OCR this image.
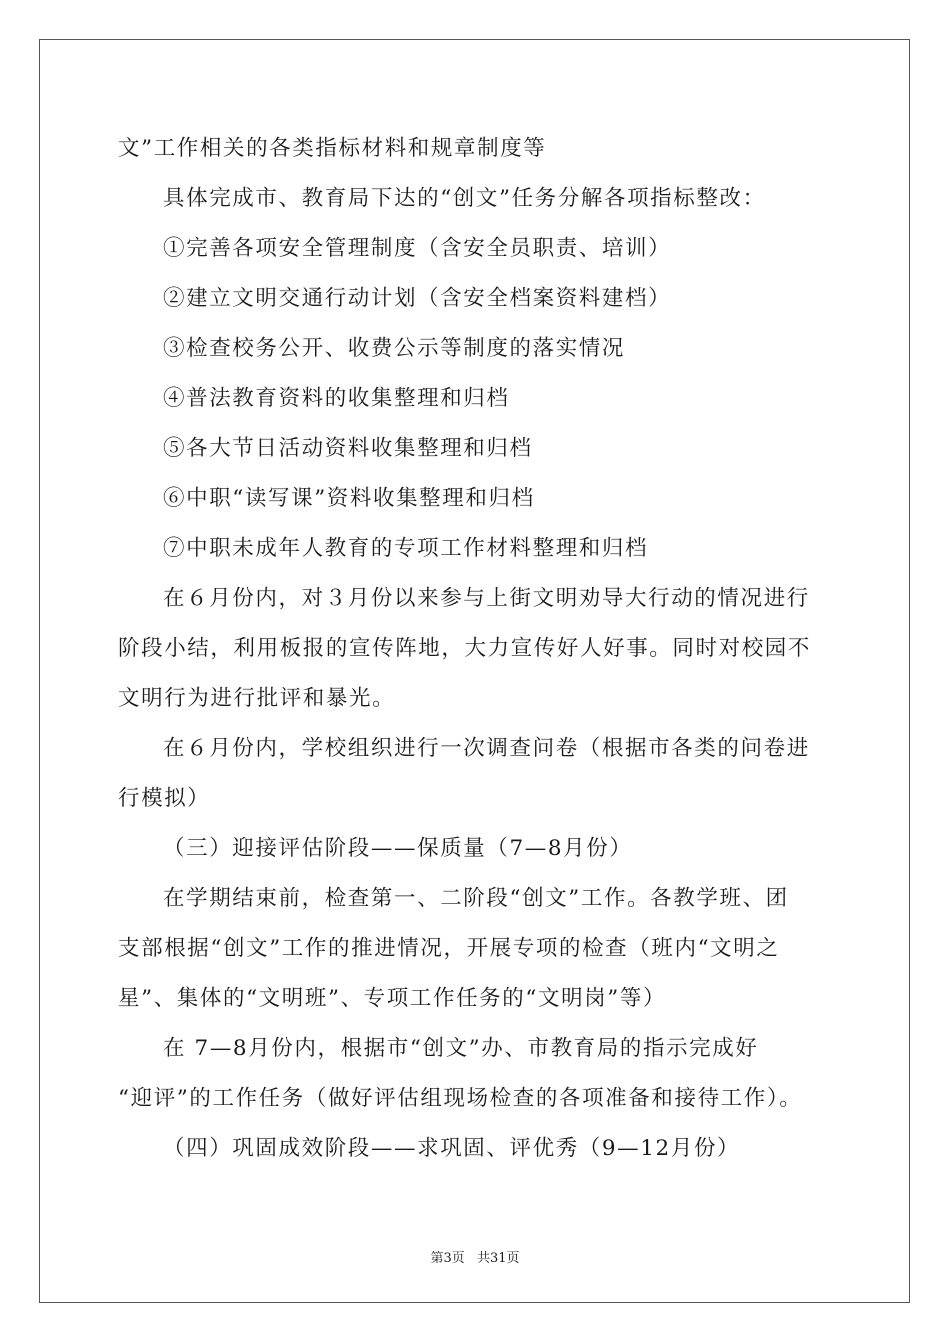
文”工作相关的各类指标材料和规章制度等
具体完成市、教育局下达的“创文”任务分解各项指标整改：
①完善各项安全管理制度（含安全员职责、培训）
②建立文明交通行动计划（含安全档案资料建档）
③检查校务公开、收费公示等制度的落实情况
④普法教育资料的收集整理和归档
⑤各大节日活动资料收集整理和归档
⑥中职“读写课”资料收集整理和归档
⑦中职未成年人教育的专项工作材料整理和归档
在６月份内，对３月份以来参与上街文明劝导大行动的情况进行
阶段小结，利用板报的宣传阵地，大力宣传好人好事。同时对校园不
文明行为进行批评和暴光。
在６月份内，学校组织进行一次调查问卷（根据市各类的问卷进
行模拟）
（三）迎接评估阶段——保质量（7—8月份）
在学期结束前，检查第一、二阶段“创文”工作。各教学班、团
支部根据“创文”工作的推进情况，开展专项的检查（班内“文明之
星”、集体的“文明班”、专项工作任务的“文明岗”等）
在 7—8月份内，根据市“创文”办、市教育局的指示完成好
“迎评”的工作任务（做好评估组现场检查的各项准备和接待工作）。
（四）巩固成效阶段——求巩固、评优秀（9—12月份）
第3页 共31页
